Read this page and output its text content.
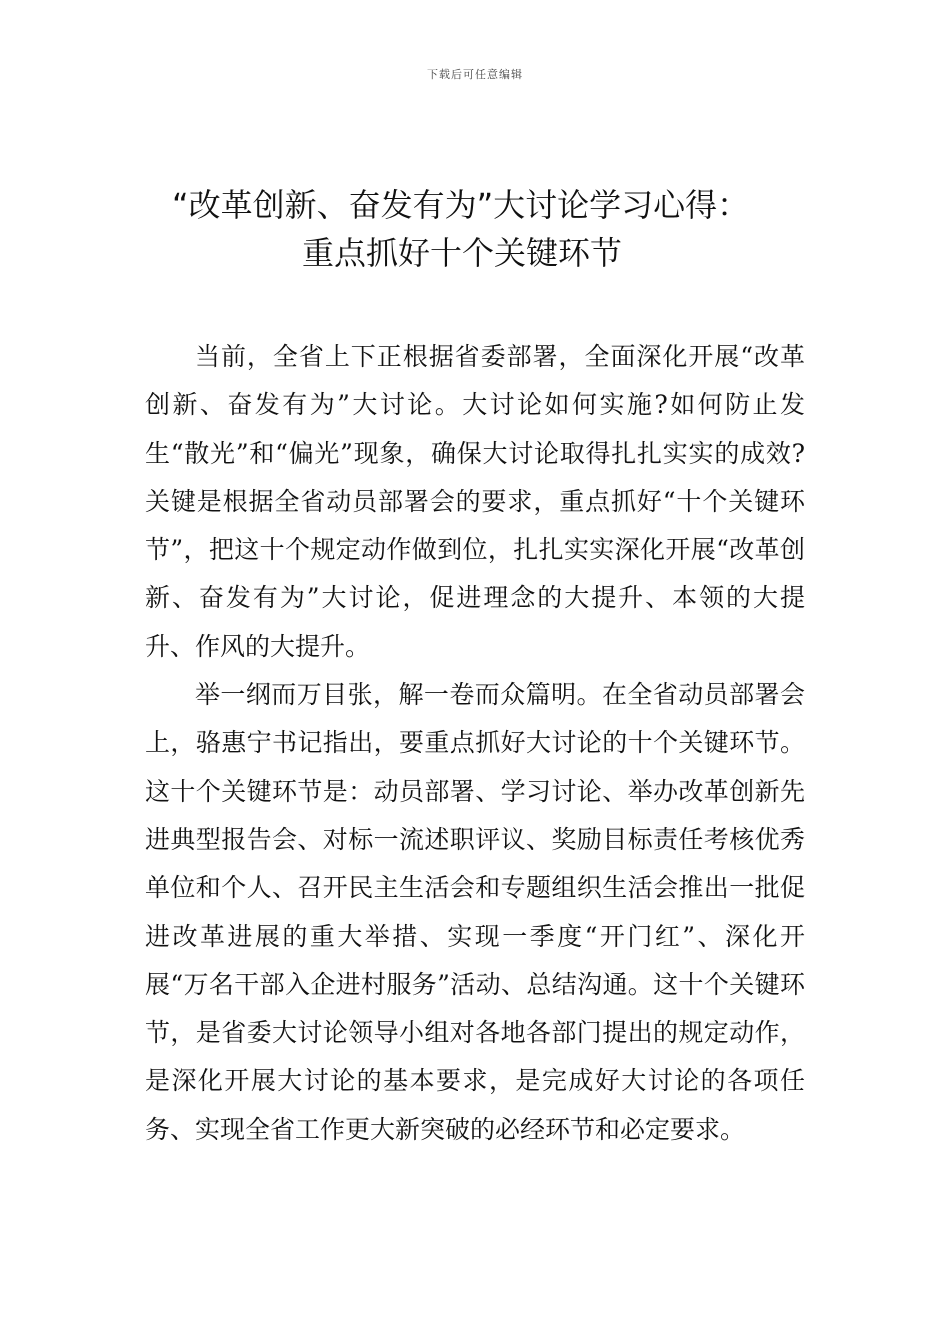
下载后可任意编辑
“改革创新、奋发有为”大讨论学习心得：
重点抓好十个关键环节

当前，全省上下正根据省委部署，全面深化开展“改革创新、奋发有为”大讨论。大讨论如何实施?如何防止发生“散光”和“偏光”现象，确保大讨论取得扎扎实实的成效?关键是根据全省动员部署会的要求，重点抓好“十个关键环节”，把这十个规定动作做到位，扎扎实实深化开展“改革创新、奋发有为”大讨论，促进理念的大提升、本领的大提升、作风的大提升。

举一纲而万目张，解一卷而众篇明。在全省动员部署会上，骆惠宁书记指出，要重点抓好大讨论的十个关键环节。这十个关键环节是：动员部署、学习讨论、举办改革创新先进典型报告会、对标一流述职评议、奖励目标责任考核优秀单位和个人、召开民主生活会和专题组织生活会推出一批促进改革进展的重大举措、实现一季度“开门红”、深化开展“万名干部入企进村服务”活动、总结沟通。这十个关键环节，是省委大讨论领导小组对各地各部门提出的规定动作，是深化开展大讨论的基本要求，是完成好大讨论的各项任务、实现全省工作更大新突破的必经环节和必定要求。
